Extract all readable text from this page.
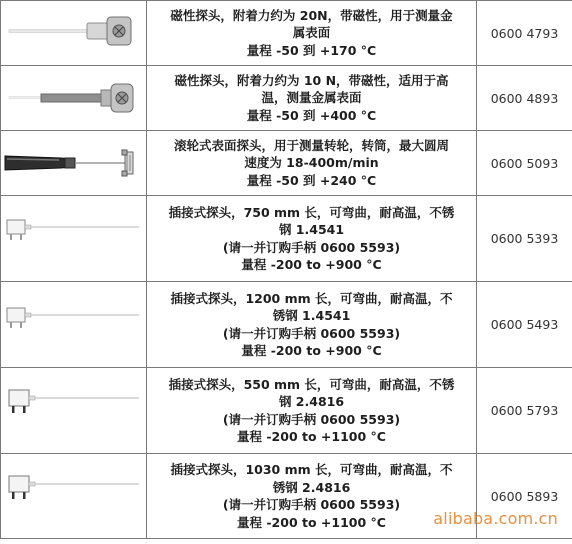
磁性探头，附着力约为 20N，带磁性，用于测量金
属表面
量程 -50 到 +170 °C	0600 4793

磁性探头，附着力约为 10 N，带磁性，适用于高
温，测量金属表面
量程 -50 到 +400 °C	0600 4893

滚轮式表面探头，用于测量转轮，转筒，最大圆周
速度为 18-400m/min
量程 -50 到 +240 °C	0600 5093

插接式探头，750 mm 长，可弯曲，耐高温，不锈
钢 1.4541
(请一并订购手柄 0600 5593)
量程 -200 to +900 °C	0600 5393

插接式探头，1200 mm 长，可弯曲，耐高温，不
锈钢 1.4541
(请一并订购手柄 0600 5593)
量程 -200 to +900 °C	0600 5493

插接式探头，550 mm 长，可弯曲，耐高温，不锈
钢 2.4816
(请一并订购手柄 0600 5593)
量程 -200 to +1100 °C	0600 5793

插接式探头，1030 mm 长，可弯曲，耐高温，不
锈钢 2.4816
(请一并订购手柄 0600 5593)
量程 -200 to +1100 °C	0600 5893
alibaba.com.cn
